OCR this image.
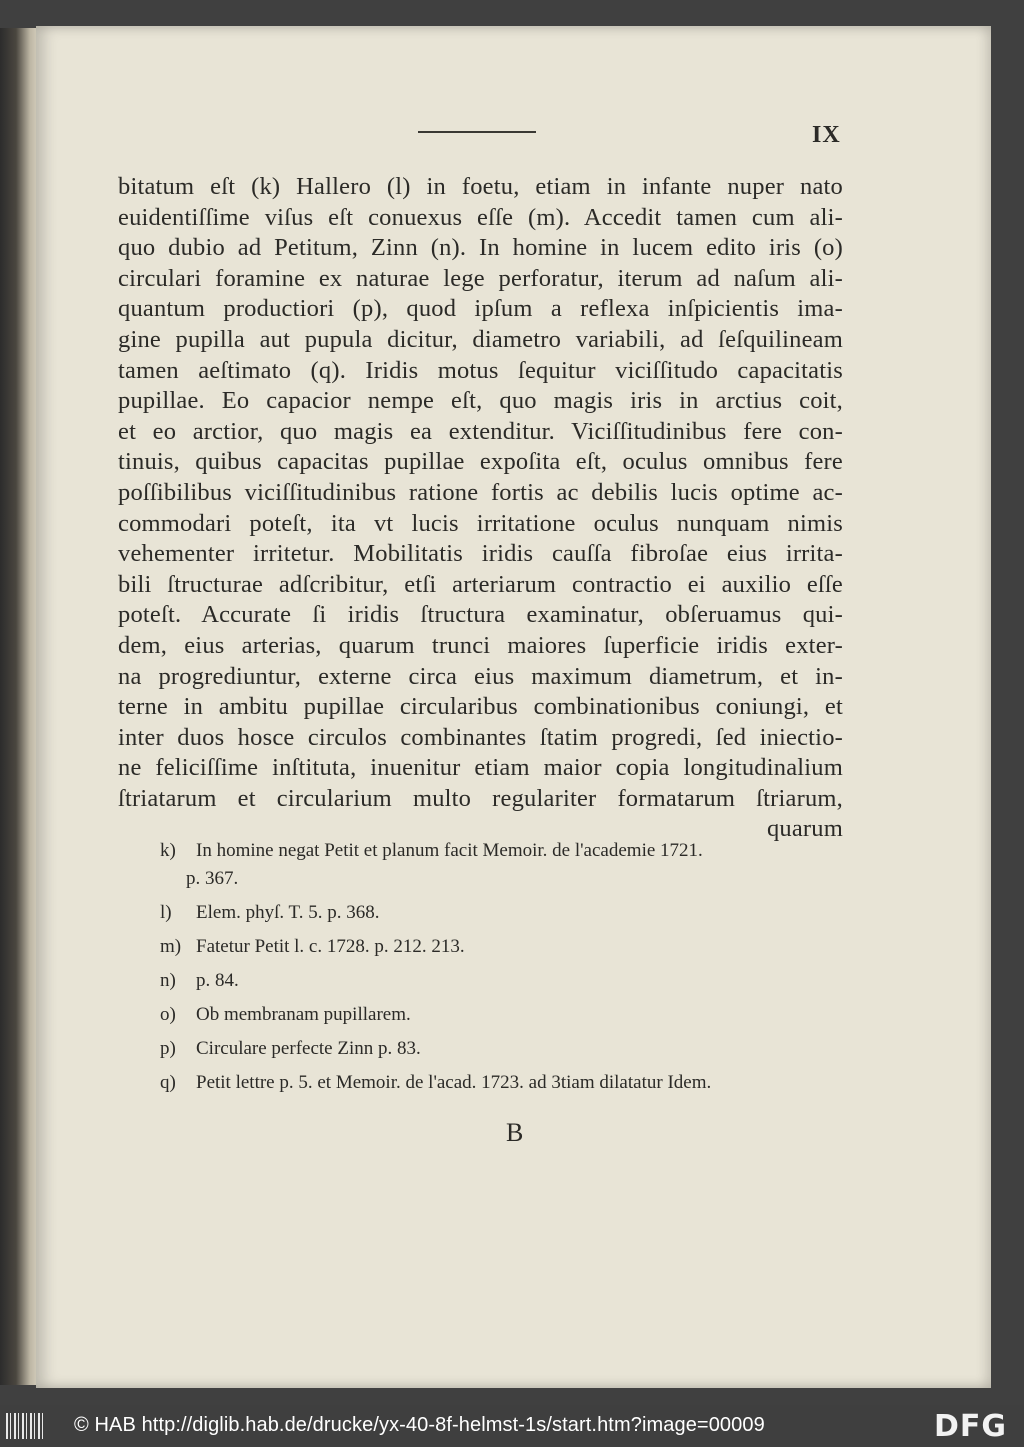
IX
bitatum eſt (k) Hallero (l) in foetu, etiam in infante nuper nato
euidentiſſime viſus eſt conuexus eſſe (m). Accedit tamen cum ali-
quo dubio ad Petitum, Zinn (n). In homine in lucem edito iris (o)
circulari foramine ex naturae lege perforatur, iterum ad naſum ali-
quantum productiori (p), quod ipſum a reflexa inſpicientis ima-
gine pupilla aut pupula dicitur, diametro variabili, ad ſeſquilineam
tamen aeſtimato (q). Iridis motus ſequitur viciſſitudo capacitatis
pupillae. Eo capacior nempe eſt, quo magis iris in arctius coit,
et eo arctior, quo magis ea extenditur. Viciſſitudinibus fere con-
tinuis, quibus capacitas pupillae expoſita eſt, oculus omnibus fere
poſſibilibus viciſſitudinibus ratione fortis ac debilis lucis optime ac-
commodari poteſt, ita vt lucis irritatione oculus nunquam nimis
vehementer irritetur. Mobilitatis iridis cauſſa fibroſae eius irrita-
bili ſtructurae adſcribitur, etſi arteriarum contractio ei auxilio eſſe
poteſt. Accurate ſi iridis ſtructura examinatur, obſeruamus qui-
dem, eius arterias, quarum trunci maiores ſuperficie iridis exter-
na progrediuntur, externe circa eius maximum diametrum, et in-
terne in ambitu pupillae circularibus combinationibus coniungi, et
inter duos hosce circulos combinantes ſtatim progredi, ſed iniectio-
ne feliciſſime inſtituta, inuenitur etiam maior copia longitudinalium
ſtriatarum et circularium multo regulariter formatarum ſtriarum,
quarum
k) In homine negat Petit et planum facit Memoir. de l'academie 1721.
p. 367.
l) Elem. phyſ. T. 5. p. 368.
m) Fatetur Petit l. c. 1728. p. 212. 213.
n) p. 84.
o) Ob membranam pupillarem.
p) Circulare perfecte Zinn p. 83.
q) Petit lettre p. 5. et Memoir. de l'acad. 1723. ad 3tiam dilatatur Idem.
B
© HAB http://diglib.hab.de/drucke/yx-40-8f-helmst-1s/start.htm?image=00009	DFG
